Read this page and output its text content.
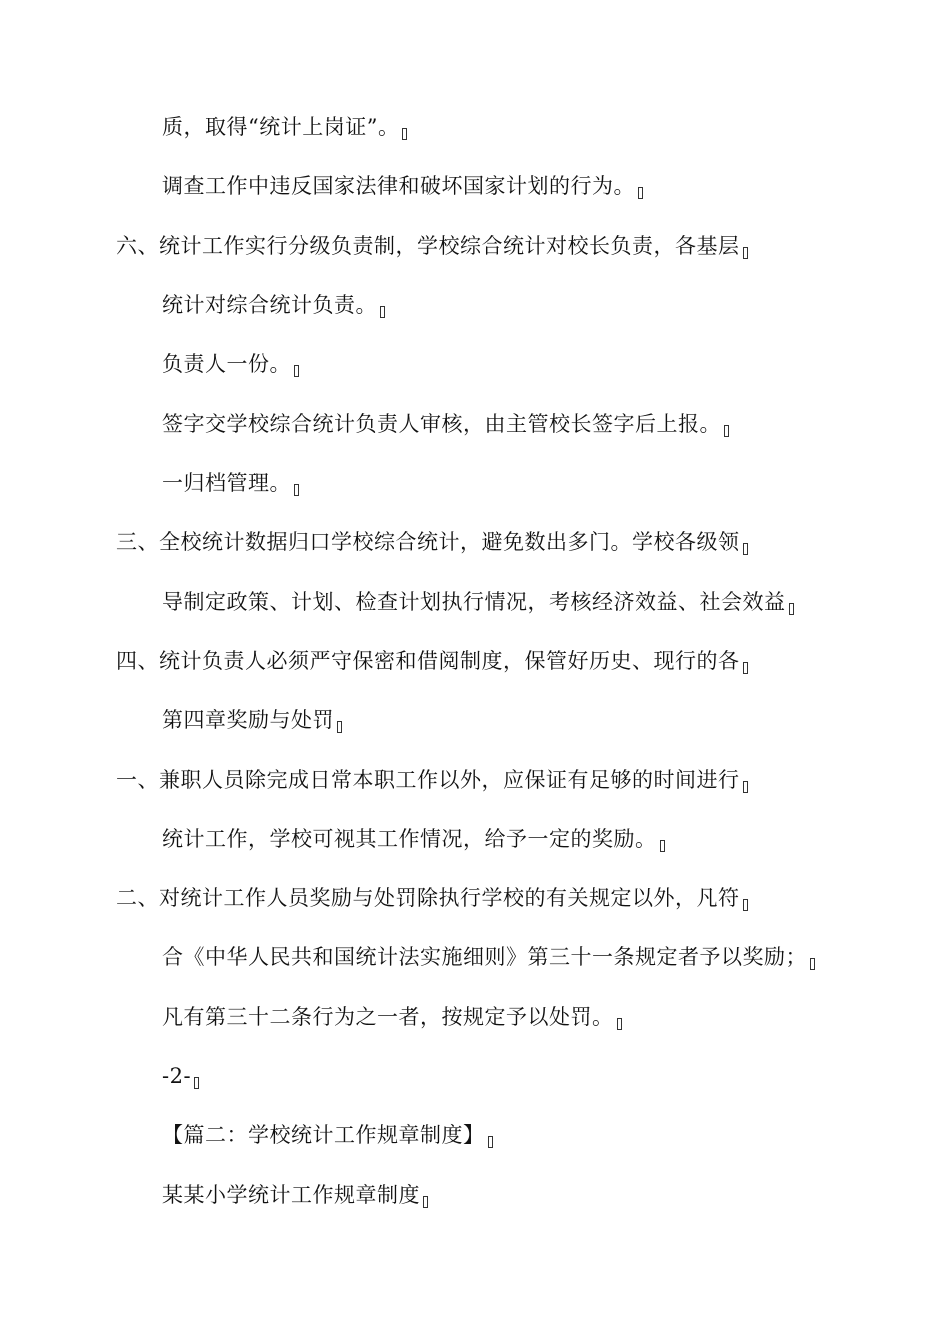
质，取得“统计上岗证”。
调查工作中违反国家法律和破坏国家计划的行为。
六、统计工作实行分级负责制，学校综合统计对校长负责，各基层
统计对综合统计负责。
负责人一份。
签字交学校综合统计负责人审核，由主管校长签字后上报。
一归档管理。
三、全校统计数据归口学校综合统计，避免数出多门。学校各级领
导制定政策、计划、检查计划执行情况，考核经济效益、社会效益
四、统计负责人必须严守保密和借阅制度，保管好历史、现行的各
第四章奖励与处罚
一、兼职人员除完成日常本职工作以外，应保证有足够的时间进行
统计工作，学校可视其工作情况，给予一定的奖励。
二、对统计工作人员奖励与处罚除执行学校的有关规定以外，凡符
合《中华人民共和国统计法实施细则》第三十一条规定者予以奖励；
凡有第三十二条行为之一者，按规定予以处罚。
-2-
【篇二：学校统计工作规章制度】
某某小学统计工作规章制度
